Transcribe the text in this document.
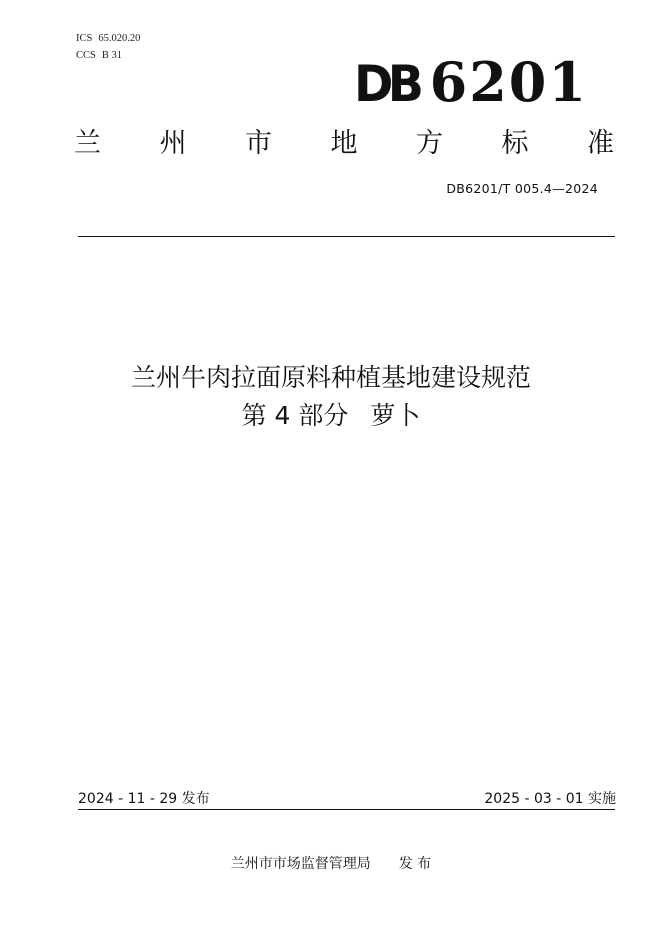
ICS 65.020.20
CCS B 31	DB 6201
兰 州 市 地 方 标 准
DB6201/T 005.4—2024
兰州牛肉拉面原料种植基地建设规范
第 4 部分 萝卜
2024 - 11 - 29 发布	2025 - 03 - 01 实施
兰州市市场监督管理局 发 布
